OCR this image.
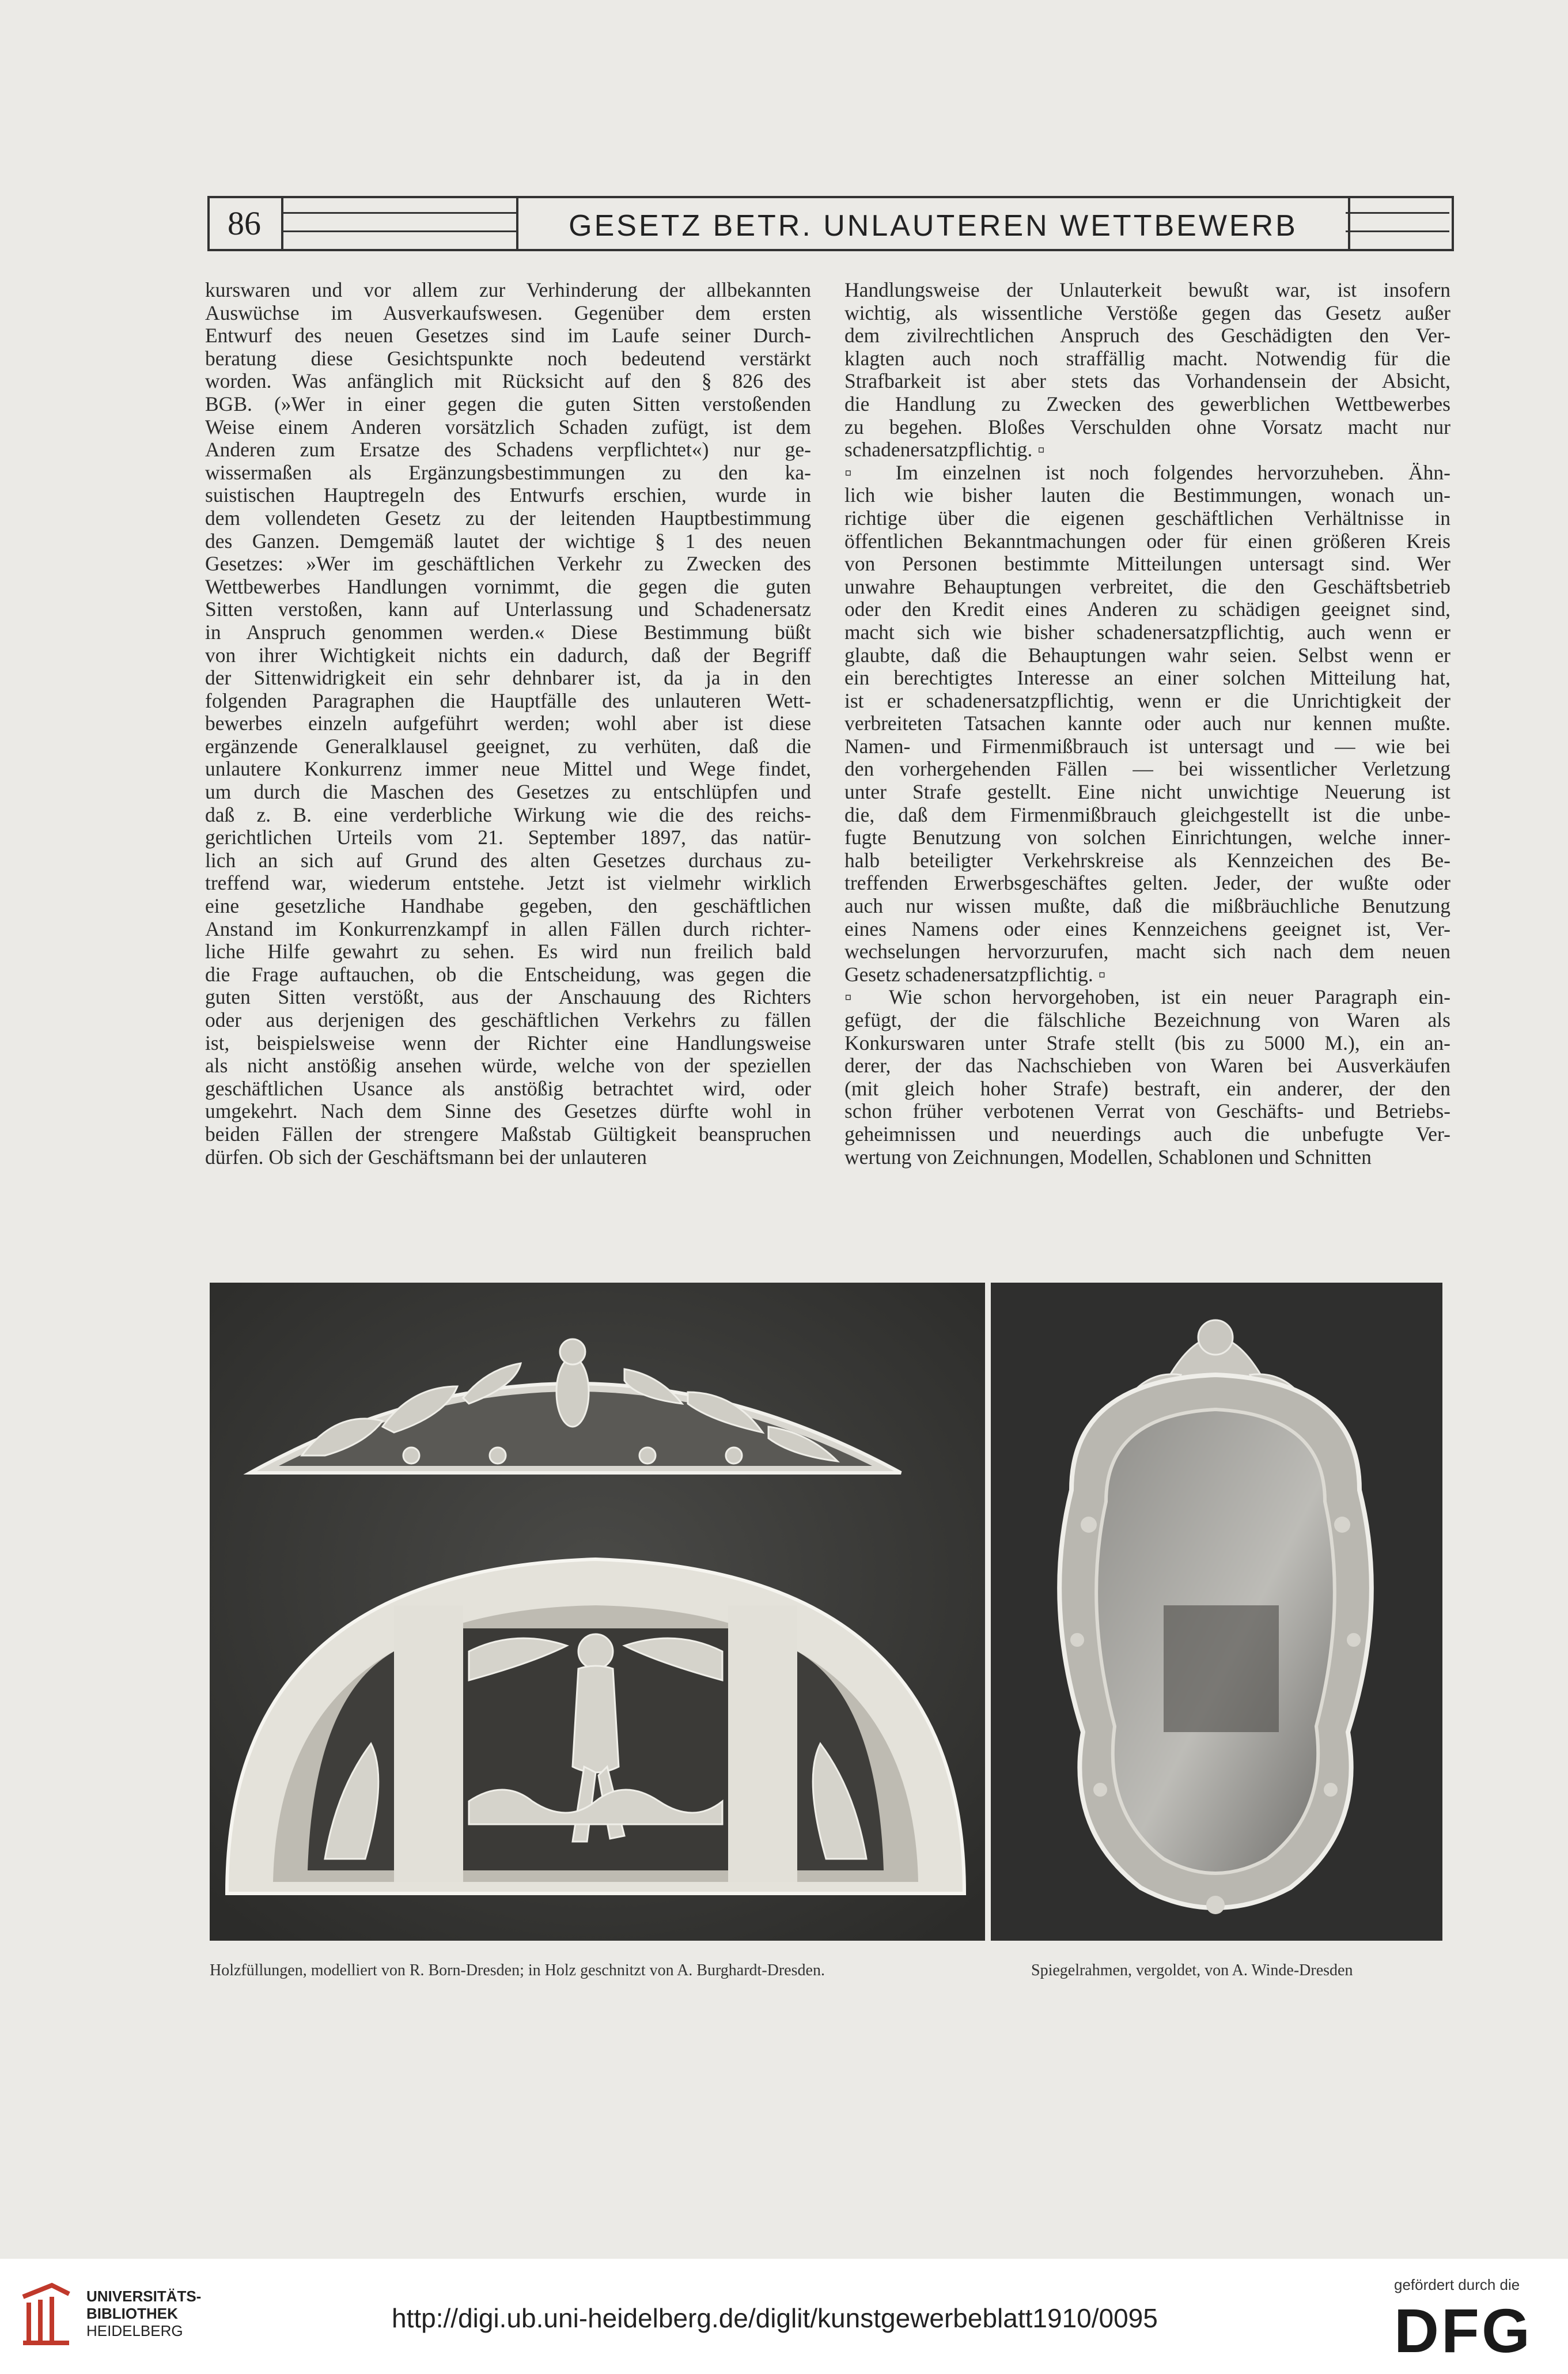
86	GESETZ BETR. UNLAUTEREN WETTBEWERB
kurswaren und vor allem zur Verhinderung der allbekannten
Auswüchse im Ausverkaufswesen. Gegenüber dem ersten
Entwurf des neuen Gesetzes sind im Laufe seiner Durch-
beratung diese Gesichtspunkte noch bedeutend verstärkt
worden. Was anfänglich mit Rücksicht auf den § 826 des
BGB. (»Wer in einer gegen die guten Sitten verstoßenden
Weise einem Anderen vorsätzlich Schaden zufügt, ist dem
Anderen zum Ersatze des Schadens verpflichtet«) nur ge-
wissermaßen als Ergänzungsbestimmungen zu den ka-
suistischen Hauptregeln des Entwurfs erschien, wurde in
dem vollendeten Gesetz zu der leitenden Hauptbestimmung
des Ganzen. Demgemäß lautet der wichtige § 1 des neuen
Gesetzes: »Wer im geschäftlichen Verkehr zu Zwecken des
Wettbewerbes Handlungen vornimmt, die gegen die guten
Sitten verstoßen, kann auf Unterlassung und Schadenersatz
in Anspruch genommen werden.« Diese Bestimmung büßt
von ihrer Wichtigkeit nichts ein dadurch, daß der Begriff
der Sittenwidrigkeit ein sehr dehnbarer ist, da ja in den
folgenden Paragraphen die Hauptfälle des unlauteren Wett-
bewerbes einzeln aufgeführt werden; wohl aber ist diese
ergänzende Generalklausel geeignet, zu verhüten, daß die
unlautere Konkurrenz immer neue Mittel und Wege findet,
um durch die Maschen des Gesetzes zu entschlüpfen und
daß z. B. eine verderbliche Wirkung wie die des reichs-
gerichtlichen Urteils vom 21. September 1897, das natür-
lich an sich auf Grund des alten Gesetzes durchaus zu-
treffend war, wiederum entstehe. Jetzt ist vielmehr wirklich
eine gesetzliche Handhabe gegeben, den geschäftlichen
Anstand im Konkurrenzkampf in allen Fällen durch richter-
liche Hilfe gewahrt zu sehen. Es wird nun freilich bald
die Frage auftauchen, ob die Entscheidung, was gegen die
guten Sitten verstößt, aus der Anschauung des Richters
oder aus derjenigen des geschäftlichen Verkehrs zu fällen
ist, beispielsweise wenn der Richter eine Handlungsweise
als nicht anstößig ansehen würde, welche von der speziellen
geschäftlichen Usance als anstößig betrachtet wird, oder
umgekehrt. Nach dem Sinne des Gesetzes dürfte wohl in
beiden Fällen der strengere Maßstab Gültigkeit beanspruchen
dürfen. Ob sich der Geschäftsmann bei der unlauteren
Handlungsweise der Unlauterkeit bewußt war, ist insofern
wichtig, als wissentliche Verstöße gegen das Gesetz außer
dem zivilrechtlichen Anspruch des Geschädigten den Ver-
klagten auch noch straffällig macht. Notwendig für die
Strafbarkeit ist aber stets das Vorhandensein der Absicht,
die Handlung zu Zwecken des gewerblichen Wettbewerbes
zu begehen. Bloßes Verschulden ohne Vorsatz macht nur
schadenersatzpflichtig. ▫
▫ Im einzelnen ist noch folgendes hervorzuheben. Ähn-
lich wie bisher lauten die Bestimmungen, wonach un-
richtige über die eigenen geschäftlichen Verhältnisse in
öffentlichen Bekanntmachungen oder für einen größeren Kreis
von Personen bestimmte Mitteilungen untersagt sind. Wer
unwahre Behauptungen verbreitet, die den Geschäftsbetrieb
oder den Kredit eines Anderen zu schädigen geeignet sind,
macht sich wie bisher schadenersatzpflichtig, auch wenn er
glaubte, daß die Behauptungen wahr seien. Selbst wenn er
ein berechtigtes Interesse an einer solchen Mitteilung hat,
ist er schadenersatzpflichtig, wenn er die Unrichtigkeit der
verbreiteten Tatsachen kannte oder auch nur kennen mußte.
Namen- und Firmenmißbrauch ist untersagt und — wie bei
den vorhergehenden Fällen — bei wissentlicher Verletzung
unter Strafe gestellt. Eine nicht unwichtige Neuerung ist
die, daß dem Firmenmißbrauch gleichgestellt ist die unbe-
fugte Benutzung von solchen Einrichtungen, welche inner-
halb beteiligter Verkehrskreise als Kennzeichen des Be-
treffenden Erwerbsgeschäftes gelten. Jeder, der wußte oder
auch nur wissen mußte, daß die mißbräuchliche Benutzung
eines Namens oder eines Kennzeichens geeignet ist, Ver-
wechselungen hervorzurufen, macht sich nach dem neuen
Gesetz schadenersatzpflichtig. ▫
▫ Wie schon hervorgehoben, ist ein neuer Paragraph ein-
gefügt, der die fälschliche Bezeichnung von Waren als
Konkurswaren unter Strafe stellt (bis zu 5000 M.), ein an-
derer, der das Nachschieben von Waren bei Ausverkäufen
(mit gleich hoher Strafe) bestraft, ein anderer, der den
schon früher verbotenen Verrat von Geschäfts- und Betriebs-
geheimnissen und neuerdings auch die unbefugte Ver-
wertung von Zeichnungen, Modellen, Schablonen und Schnitten
Holzfüllungen, modelliert von R. Born-Dresden; in Holz geschnitzt von A. Burghardt-Dresden.	Spiegelrahmen, vergoldet, von A. Winde-Dresden
UNIVERSITÄTS-
BIBLIOTHEK
HEIDELBERG	http://digi.ub.uni-heidelberg.de/diglit/kunstgewerbeblatt1910/0095
gefördert durch die
DFG
